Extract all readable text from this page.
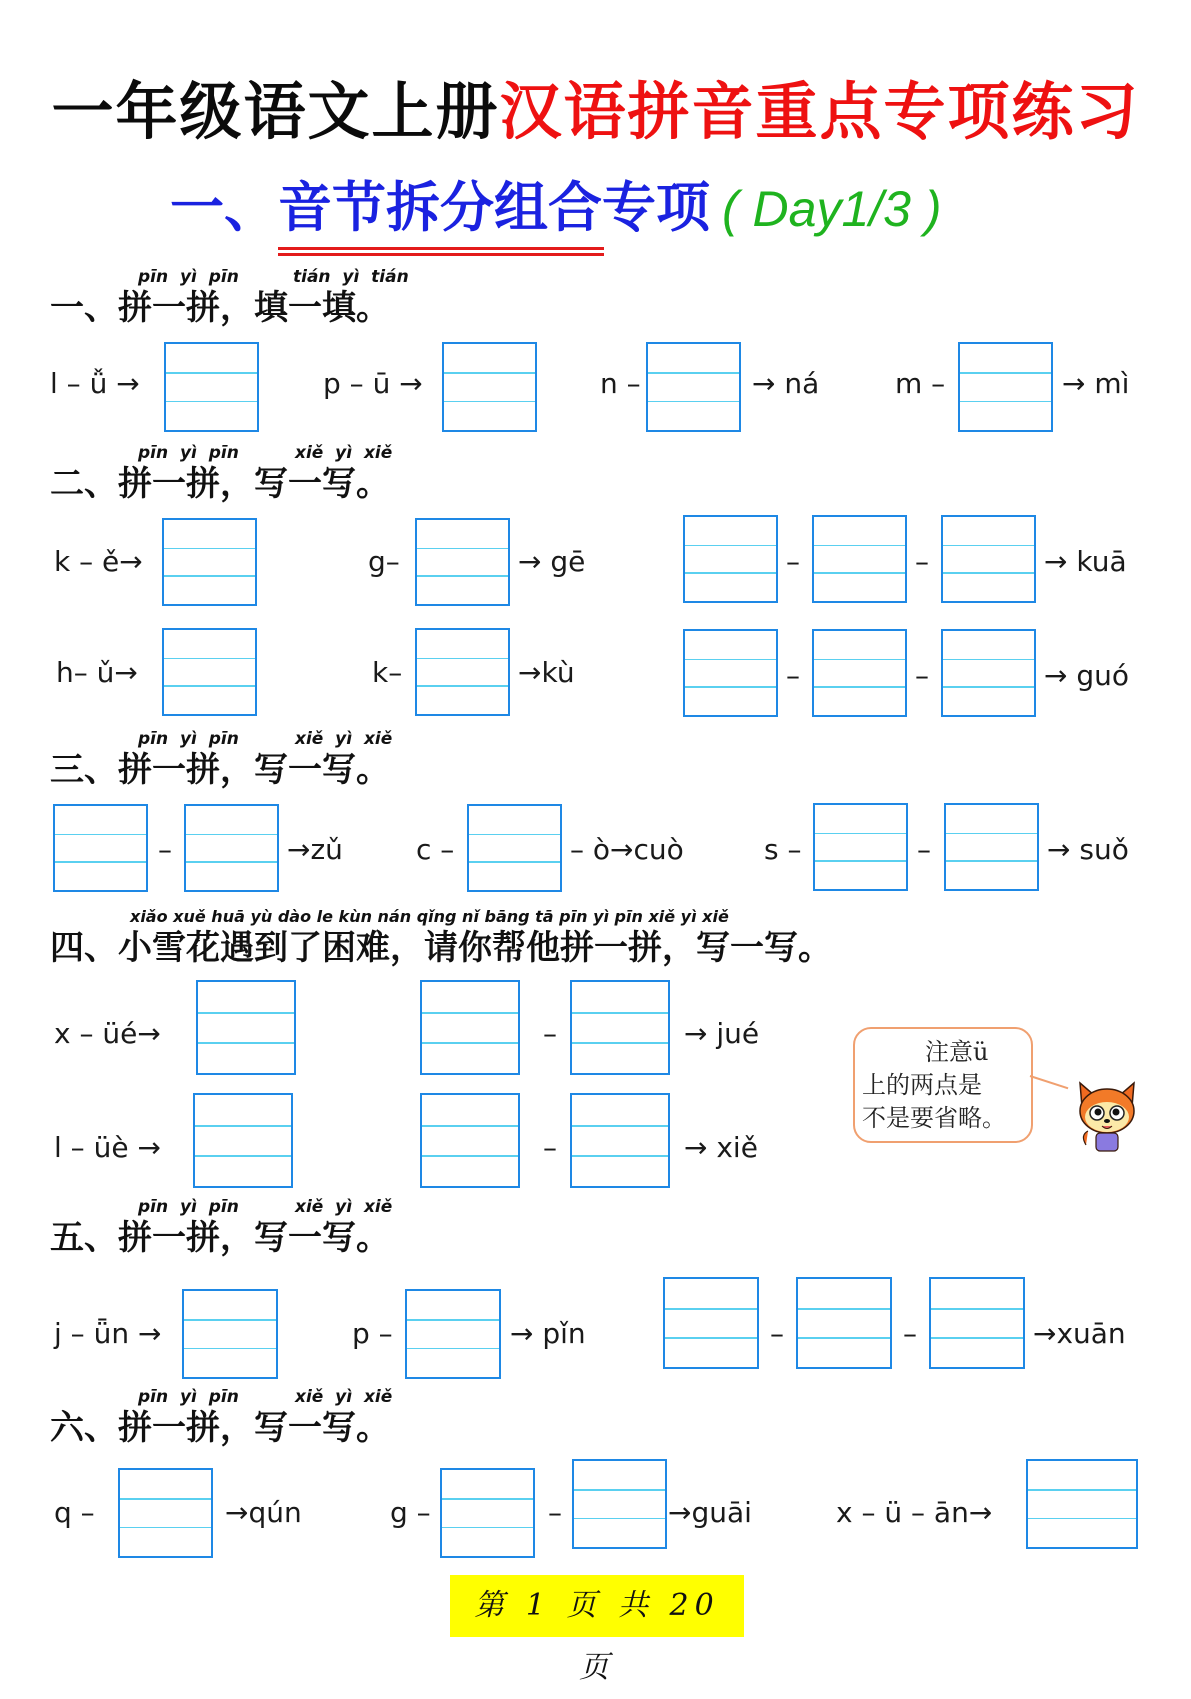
一年级语文上册汉语拼音重点专项练习
一、音节拆分组合专项 ( Day1/3 )
pīn yì pīn	tián yì tián
一、拼一拼，填一填。
l – ǚ →	p – ū →	n –	→ ná	m –	→ mì
pīn yì pīn	xiě yì xiě
二、拼一拼，写一写。
k – ě→	g–	→ gē	–	–	→ kuā
h– ǔ→	k–	→kù	–	–	→ guó
pīn yì pīn	xiě yì xiě
三、拼一拼，写一写。
–	→zǔ	c –	– ò→cuò	s –	–	→ suǒ
xiǎo xuě huā yù dào le kùn nán qǐng nǐ bāng tā pīn yì pīn xiě yì xiě
四、小雪花遇到了困难，请你帮他拼一拼，写一写。
x – üé→	–	→ jué
l – üè →	–	→ xiě
注意ü
上的两点是
不是要省略。
pīn yì pīn	xiě yì xiě
五、拼一拼，写一写。
j – ǖn →	p –	→ pǐn	–	–	→xuān
pīn yì pīn	xiě yì xiě
六、拼一拼，写一写。
q –	→qún	g –	–	→guāi	x – ü – ān→
第 1 页 共 20 页
